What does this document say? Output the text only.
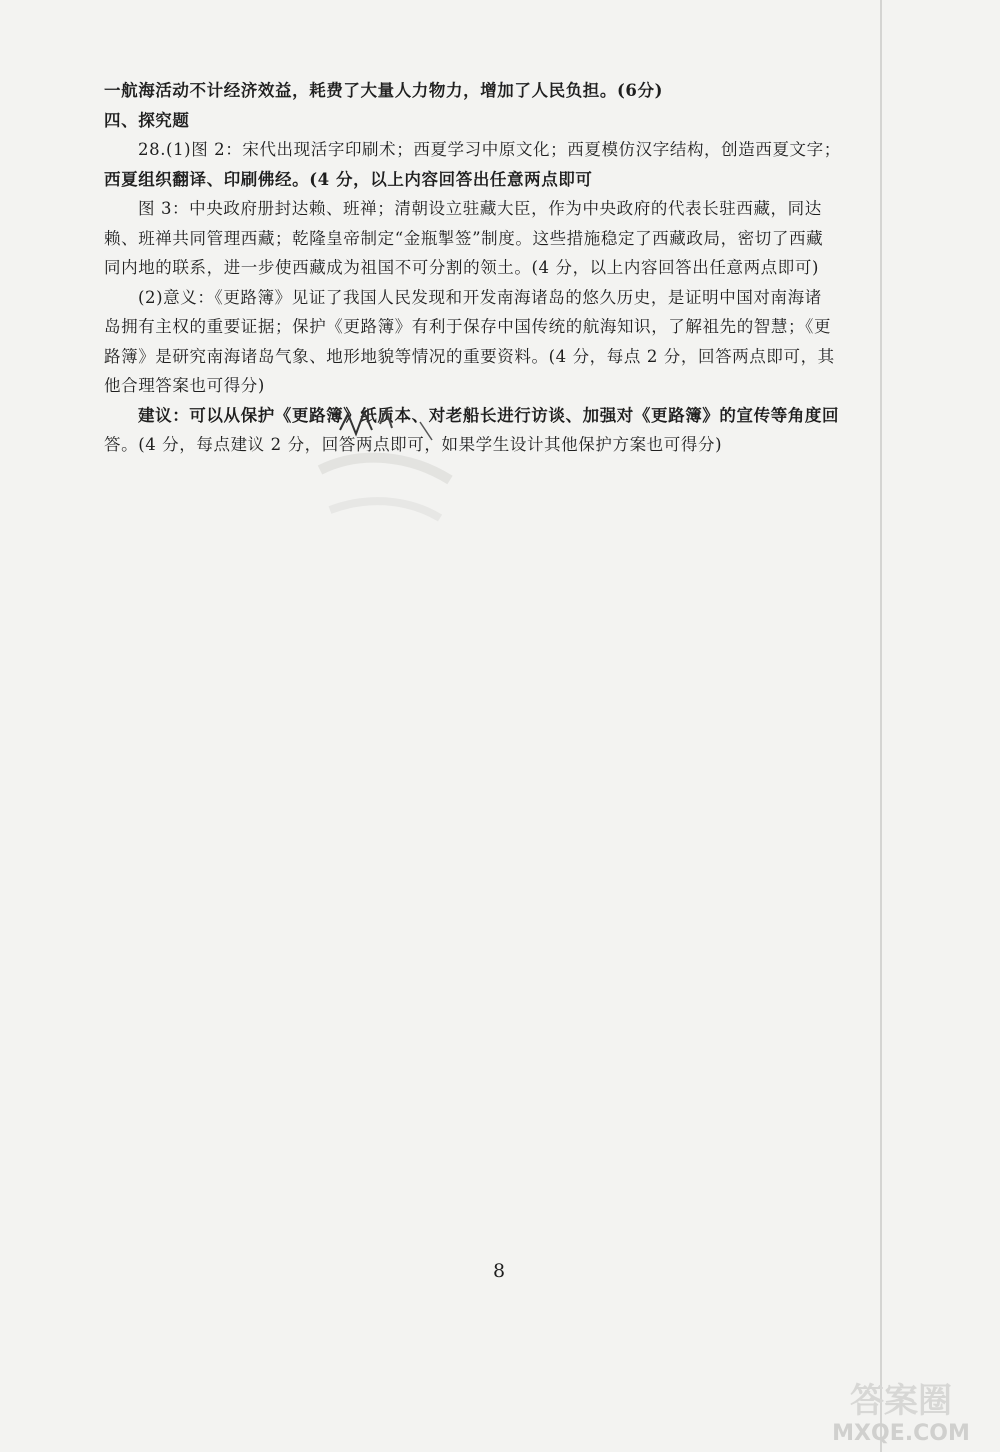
一航海活动不计经济效益，耗费了大量人力物力，增加了人民负担。(6分)
四、探究题
28.(1)图 2：宋代出现活字印刷术；西夏学习中原文化；西夏模仿汉字结构，创造西夏文字；
西夏组织翻译、印刷佛经。(4 分，以上内容回答出任意两点即可
图 3：中央政府册封达赖、班禅；清朝设立驻藏大臣，作为中央政府的代表长驻西藏，同达
赖、班禅共同管理西藏；乾隆皇帝制定“金瓶掣签”制度。这些措施稳定了西藏政局，密切了西藏
同内地的联系，进一步使西藏成为祖国不可分割的领土。(4 分，以上内容回答出任意两点即可)
(2)意义：《更路簿》见证了我国人民发现和开发南海诸岛的悠久历史，是证明中国对南海诸
岛拥有主权的重要证据；保护《更路簿》有利于保存中国传统的航海知识，了解祖先的智慧；《更
路簿》是研究南海诸岛气象、地形地貌等情况的重要资料。(4 分，每点 2 分，回答两点即可，其
他合理答案也可得分)
建议：可以从保护《更路簿》纸质本、对老船长进行访谈、加强对《更路簿》的宣传等角度回
答。(4 分，每点建议 2 分，回答两点即可，如果学生设计其他保护方案也可得分)
8
答案圈
MXQE.COM
